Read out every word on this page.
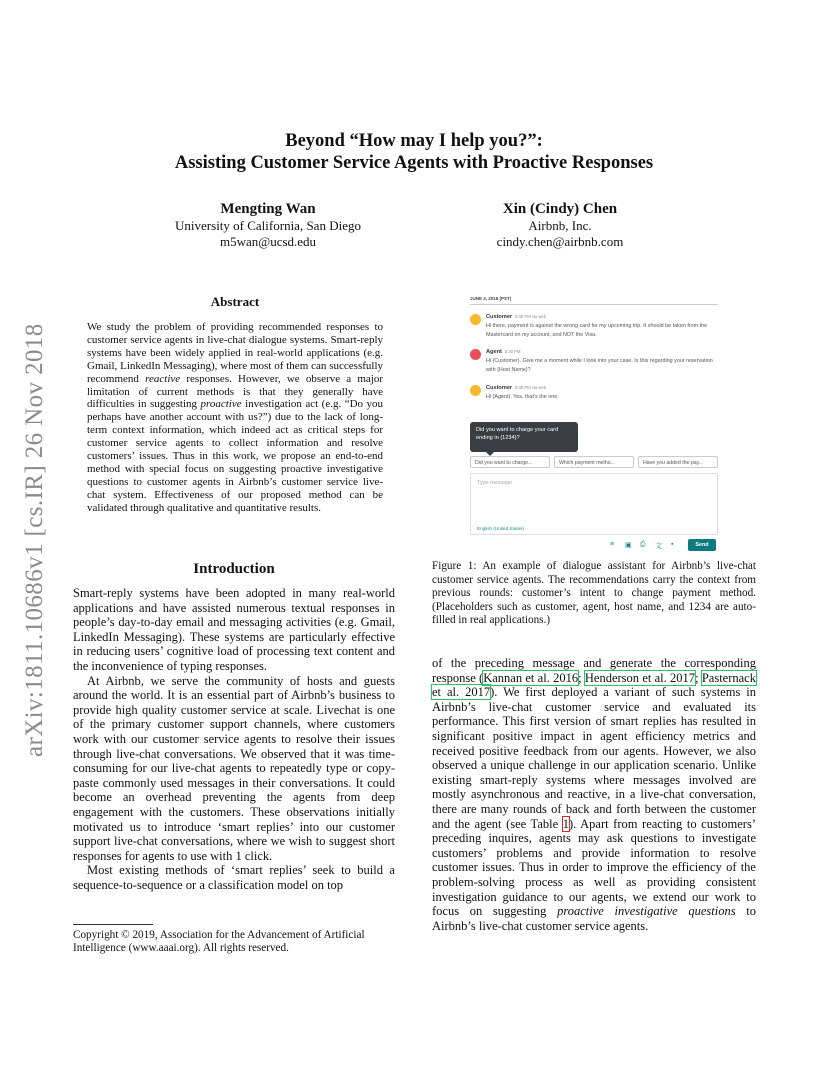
arXiv:1811.10686v1 [cs.IR] 26 Nov 2018
Beyond “How may I help you?”:
Assisting Customer Service Agents with Proactive Responses
Mengting Wan
University of California, San Diego
m5wan@ucsd.edu
Xin (Cindy) Chen
Airbnb, Inc.
cindy.chen@airbnb.com
Abstract
We study the problem of providing recommended responses to customer service agents in live-chat dialogue systems. Smart-reply systems have been widely applied in real-world applications (e.g. Gmail, LinkedIn Messaging), where most of them can successfully recommend reactive responses. However, we observe a major limitation of current methods is that they generally have difficulties in suggesting proactive investigation act (e.g. “Do you perhaps have another account with us?”) due to the lack of long-term context information, which indeed act as critical steps for customer service agents to collect information and resolve customers’ issues. Thus in this work, we propose an end-to-end method with special focus on suggesting proactive investigative questions to customer agents in Airbnb’s customer service live-chat system. Effectiveness of our proposed method can be validated through qualitative and quantitative results.
Introduction

Smart-reply systems have been adopted in many real-world applications and have assisted numerous textual responses in people’s day-to-day email and messaging activities (e.g. Gmail, LinkedIn Messaging). These systems are particularly effective in reducing users’ cognitive load of processing text content and the inconvenience of typing responses.

At Airbnb, we serve the community of hosts and guests around the world. It is an essential part of Airbnb’s business to provide high quality customer service at scale. Livechat is one of the primary customer support channels, where customers work with our customer service agents to resolve their issues through live-chat conversations. We observed that it was time-consuming for our live-chat agents to repeatedly type or copy-paste commonly used messages in their conversations. It could become an overhead preventing the agents from deep engagement with the customers. These observations initially motivated us to introduce ‘smart replies’ into our customer support live-chat conversations, where we wish to suggest short responses for agents to use with 1 click.

Most existing methods of ‘smart replies’ seek to build a sequence-to-sequence or a classification model on top

Copyright © 2019, Association for the Advancement of Artificial Intelligence (www.aaai.org). All rights reserved.
JUNE 3, 2018 (PST)
Customer 5:30 PM via web
Hi there, payment is against the wrong card for my upcoming trip. It should be taken from the Mastercard on my account, and NOT the Visa.
Agent 5:30 PM
Hi {Customer}. Give me a moment while I look into your case. Is this regarding your reservation with {Host Name}?
Customer 5:30 PM via web
Hi {Agent}. Yes, that’s the one.
Did you want to charge your card ending in {1234}?
Did you want to charge...	Which payment metho...	Have you added the pay...
Type message
English (United States)
≡ ▣ ⎙ 文 ▪	Send
Figure 1: An example of dialogue assistant for Airbnb’s live-chat customer service agents. The recommendations carry the context from previous rounds: customer’s intent to change payment method. (Placeholders such as customer, agent, host name, and 1234 are auto-filled in real applications.)

of the preceding message and generate the corresponding response (Kannan et al. 2016; Henderson et al. 2017; Pasternack et al. 2017). We first deployed a variant of such systems in Airbnb’s live-chat customer service and evaluated its performance. This first version of smart replies has resulted in significant positive impact in agent efficiency metrics and received positive feedback from our agents. However, we also observed a unique challenge in our application scenario. Unlike existing smart-reply systems where messages involved are mostly asynchronous and reactive, in a live-chat conversation, there are many rounds of back and forth between the customer and the agent (see Table 1). Apart from reacting to customers’ preceding inquires, agents may ask questions to investigate customers’ problems and provide information to resolve customer issues. Thus in order to improve the efficiency of the problem-solving process as well as providing consistent investigation guidance to our agents, we extend our work to focus on suggesting proactive investigative questions to Airbnb’s live-chat customer service agents.
